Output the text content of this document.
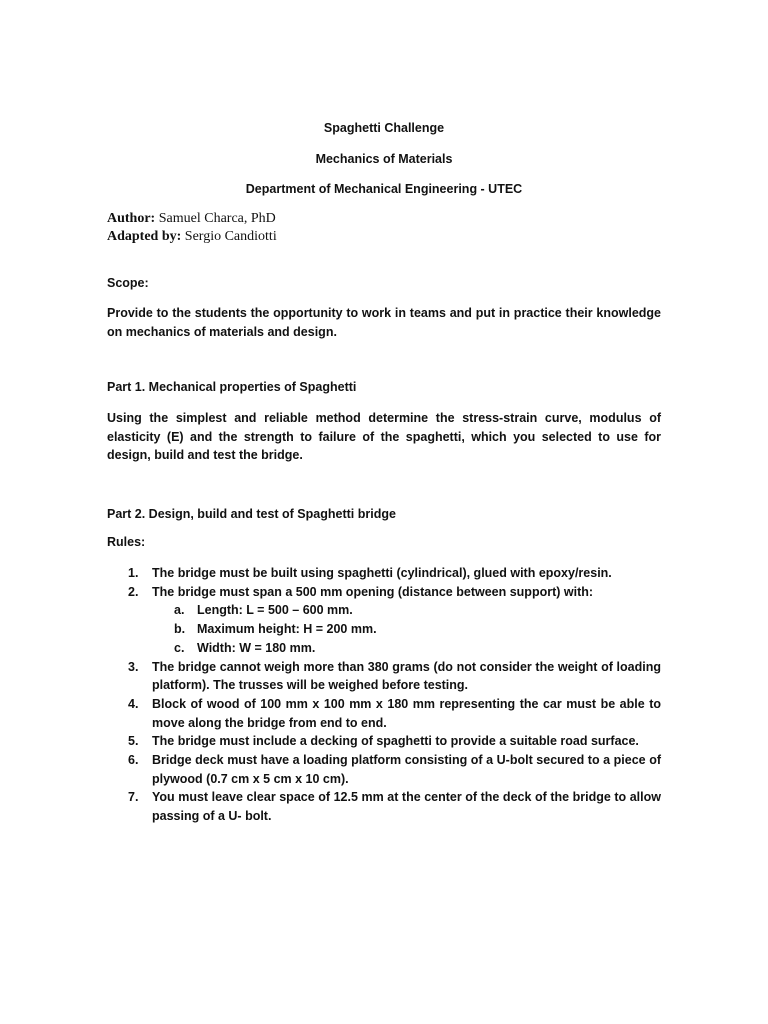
Spaghetti Challenge
Mechanics of Materials
Department of Mechanical Engineering - UTEC
Author: Samuel Charca, PhD
Adapted by: Sergio Candiotti
Scope:
Provide to the students the opportunity to work in teams and put in practice their knowledge on mechanics of materials and design.
Part 1. Mechanical properties of Spaghetti
Using the simplest and reliable method determine the stress-strain curve, modulus of elasticity (E) and the strength to failure of the spaghetti, which you selected to use for design, build and test the bridge.
Part 2. Design, build and test of Spaghetti bridge
Rules:
1. The bridge must be built using spaghetti (cylindrical), glued with epoxy/resin.
2. The bridge must span a 500 mm opening (distance between support) with:
a. Length: L = 500 – 600 mm.
b. Maximum height: H = 200 mm.
c. Width: W = 180 mm.
3. The bridge cannot weigh more than 380 grams (do not consider the weight of loading platform). The trusses will be weighed before testing.
4. Block of wood of 100 mm x 100 mm x 180 mm representing the car must be able to move along the bridge from end to end.
5. The bridge must include a decking of spaghetti to provide a suitable road surface.
6. Bridge deck must have a loading platform consisting of a U-bolt secured to a piece of plywood (0.7 cm x 5 cm x 10 cm).
7. You must leave clear space of 12.5 mm at the center of the deck of the bridge to allow passing of a U- bolt.
